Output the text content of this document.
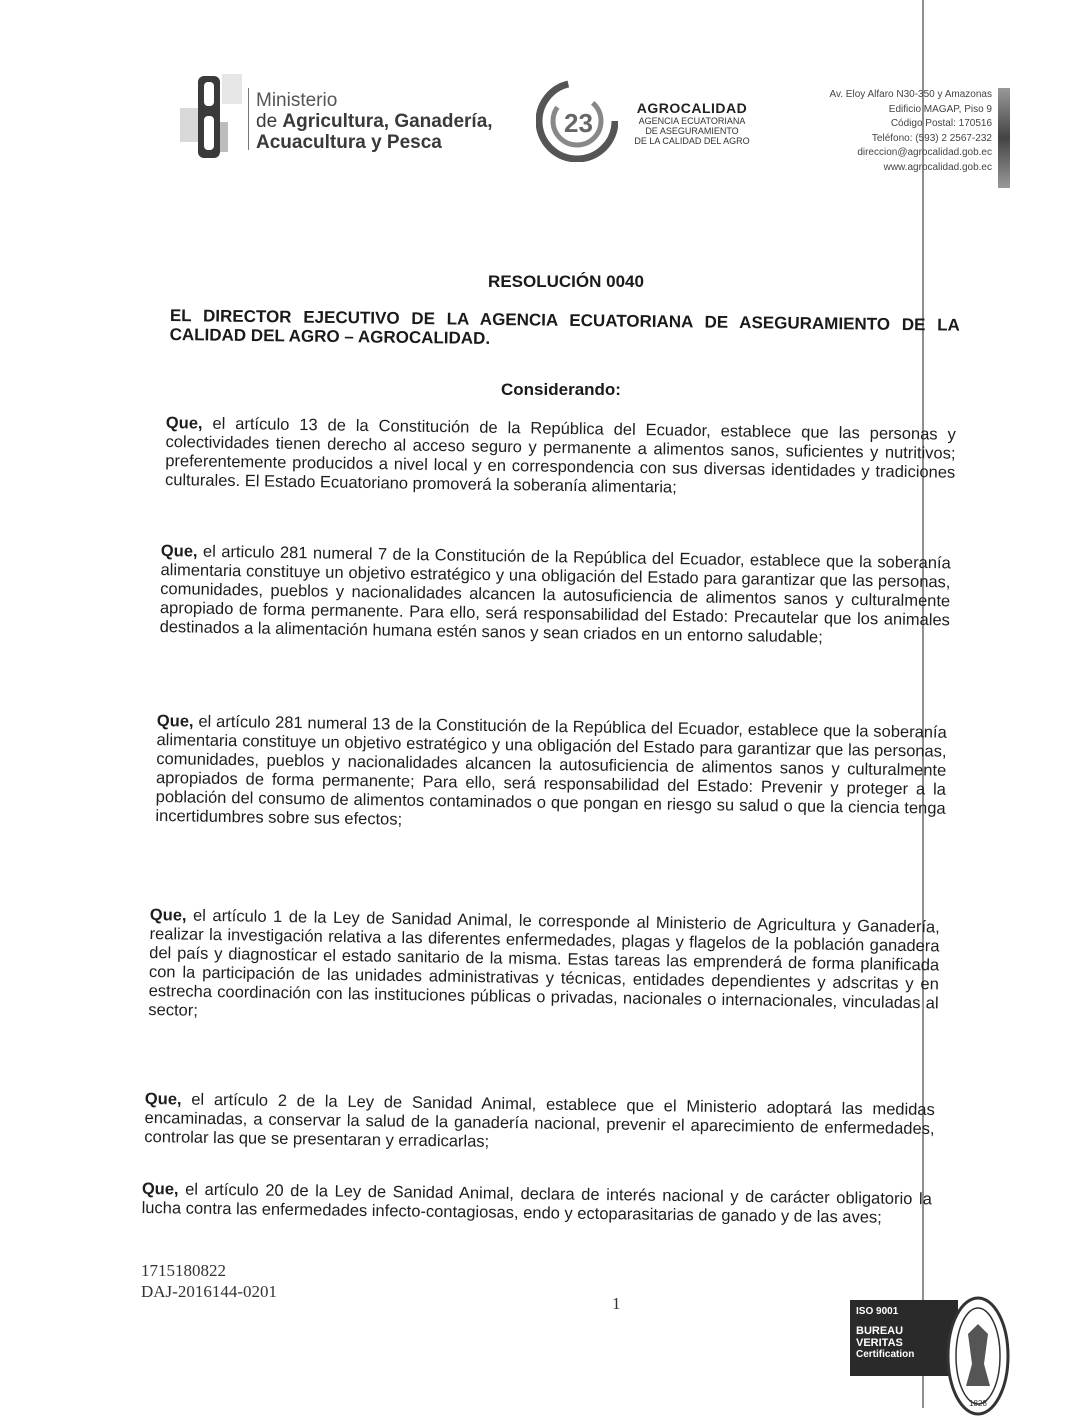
Ministerio
de Agricultura, Ganadería,
Acuacultura y Pesca
23	AGROCALIDAD
AGENCIA ECUATORIANA
DE ASEGURAMIENTO
DE LA CALIDAD DEL AGRO
Av. Eloy Alfaro N30-350 y Amazonas
Edificio MAGAP, Piso 9
Código Postal: 170516
Teléfono: (593) 2 2567-232
direccion@agrocalidad.gob.ec
www.agrocalidad.gob.ec
RESOLUCIÓN 0040
EL DIRECTOR EJECUTIVO DE LA AGENCIA ECUATORIANA DE ASEGURAMIENTO DE LA CALIDAD DEL AGRO – AGROCALIDAD.
Considerando:
Que, el artículo 13 de la Constitución de la República del Ecuador, establece que las personas y colectividades tienen derecho al acceso seguro y permanente a alimentos sanos, suficientes y nutritivos; preferentemente producidos a nivel local y en correspondencia con sus diversas identidades y tradiciones culturales. El Estado Ecuatoriano promoverá la soberanía alimentaria;
Que, el articulo 281 numeral 7 de la Constitución de la República del Ecuador, establece que la soberanía alimentaria constituye un objetivo estratégico y una obligación del Estado para garantizar que las personas, comunidades, pueblos y nacionalidades alcancen la autosuficiencia de alimentos sanos y culturalmente apropiado de forma permanente. Para ello, será responsabilidad del Estado: Precautelar que los animales destinados a la alimentación humana estén sanos y sean criados en un entorno saludable;
Que, el artículo 281 numeral 13 de la Constitución de la República del Ecuador, establece que la soberanía alimentaria constituye un objetivo estratégico y una obligación del Estado para garantizar que las personas, comunidades, pueblos y nacionalidades alcancen la autosuficiencia de alimentos sanos y culturalmente apropiados de forma permanente; Para ello, será responsabilidad del Estado: Prevenir y proteger a la población del consumo de alimentos contaminados o que pongan en riesgo su salud o que la ciencia tenga incertidumbres sobre sus efectos;
Que, el artículo 1 de la Ley de Sanidad Animal, le corresponde al Ministerio de Agricultura y Ganadería, realizar la investigación relativa a las diferentes enfermedades, plagas y flagelos de la población ganadera del país y diagnosticar el estado sanitario de la misma. Estas tareas las emprenderá de forma planificada con la participación de las unidades administrativas y técnicas, entidades dependientes y adscritas y en estrecha coordinación con las instituciones públicas o privadas, nacionales o internacionales, vinculadas al sector;
Que, el artículo 2 de la Ley de Sanidad Animal, establece que el Ministerio adoptará las medidas encaminadas, a conservar la salud de la ganadería nacional, prevenir el aparecimiento de enfermedades, controlar las que se presentaran y erradicarlas;
Que, el artículo 20 de la Ley de Sanidad Animal, declara de interés nacional y de carácter obligatorio la lucha contra las enfermedades infecto-contagiosas, endo y ectoparasitarias de ganado y de las aves;
1715180822
DAJ-2016144-0201
1	ISO 9001
BUREAU VERITAS
Certification
1828
